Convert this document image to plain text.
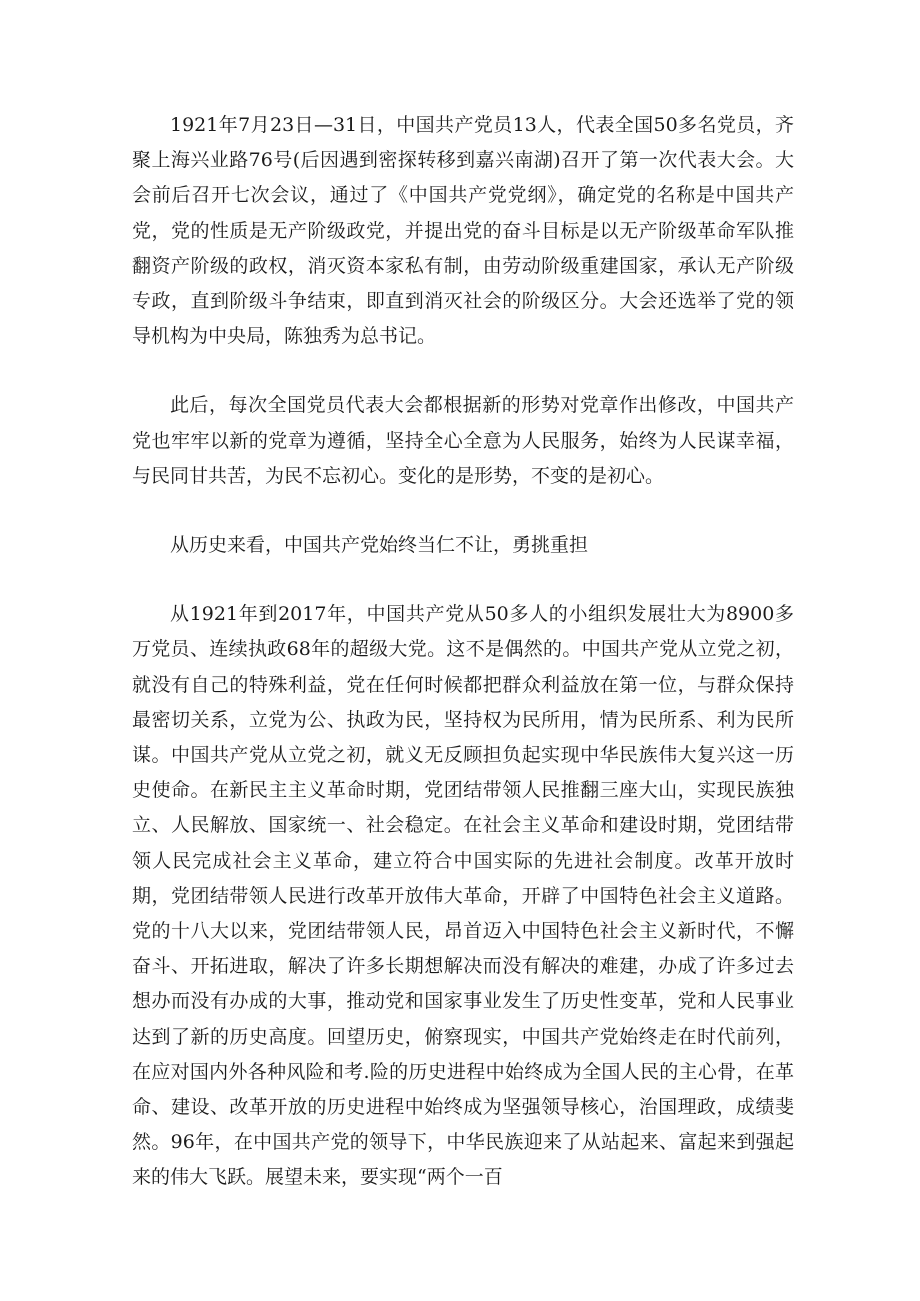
1921年7月23日—31日，中国共产党员13人，代表全国50多名党员，齐聚上海兴业路76号(后因遇到密探转移到嘉兴南湖)召开了第一次代表大会。大会前后召开七次会议，通过了《中国共产党党纲》，确定党的名称是中国共产党，党的性质是无产阶级政党，并提出党的奋斗目标是以无产阶级革命军队推翻资产阶级的政权，消灭资本家私有制，由劳动阶级重建国家，承认无产阶级专政，直到阶级斗争结束，即直到消灭社会的阶级区分。大会还选举了党的领导机构为中央局，陈独秀为总书记。

此后，每次全国党员代表大会都根据新的形势对党章作出修改，中国共产党也牢牢以新的党章为遵循，坚持全心全意为人民服务，始终为人民谋幸福，与民同甘共苦，为民不忘初心。变化的是形势，不变的是初心。

从历史来看，中国共产党始终当仁不让，勇挑重担

从1921年到2017年，中国共产党从50多人的小组织发展壮大为8900多万党员、连续执政68年的超级大党。这不是偶然的。中国共产党从立党之初，就没有自己的特殊利益，党在任何时候都把群众利益放在第一位，与群众保持最密切关系，立党为公、执政为民，坚持权为民所用，情为民所系、利为民所谋。中国共产党从立党之初，就义无反顾担负起实现中华民族伟大复兴这一历史使命。在新民主主义革命时期，党团结带领人民推翻三座大山，实现民族独立、人民解放、国家统一、社会稳定。在社会主义革命和建设时期，党团结带领人民完成社会主义革命，建立符合中国实际的先进社会制度。改革开放时期，党团结带领人民进行改革开放伟大革命，开辟了中国特色社会主义道路。党的十八大以来，党团结带领人民，昂首迈入中国特色社会主义新时代，不懈奋斗、开拓进取，解决了许多长期想解决而没有解决的难建，办成了许多过去想办而没有办成的大事，推动党和国家事业发生了历史性变革，党和人民事业达到了新的历史高度。回望历史，俯察现实，中国共产党始终走在时代前列，在应对国内外各种风险和考.险的历史进程中始终成为全国人民的主心骨，在革命、建设、改革开放的历史进程中始终成为坚强领导核心，治国理政，成绩斐然。96年，在中国共产党的领导下，中华民族迎来了从站起来、富起来到强起来的伟大飞跃。展望未来，要实现“两个一百
